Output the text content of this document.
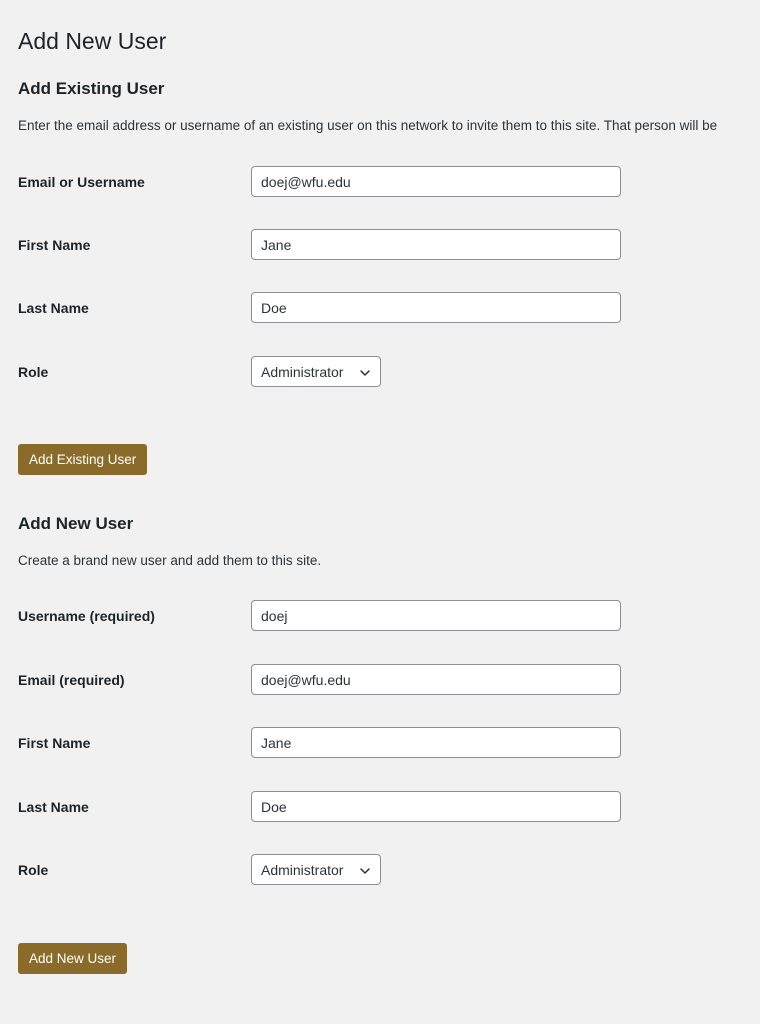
Add New User
Add Existing User

Enter the email address or username of an existing user on this network to invite them to this site. That person will be

Email or Username
doej@wfu.edu
First Name
Jane
Last Name
Doe
Role	Administrator
Add Existing User
Add New User

Create a brand new user and add them to this site.

Username (required)
doej
Email (required)
doej@wfu.edu
First Name
Jane
Last Name
Doe
Role	Administrator
Add New User
